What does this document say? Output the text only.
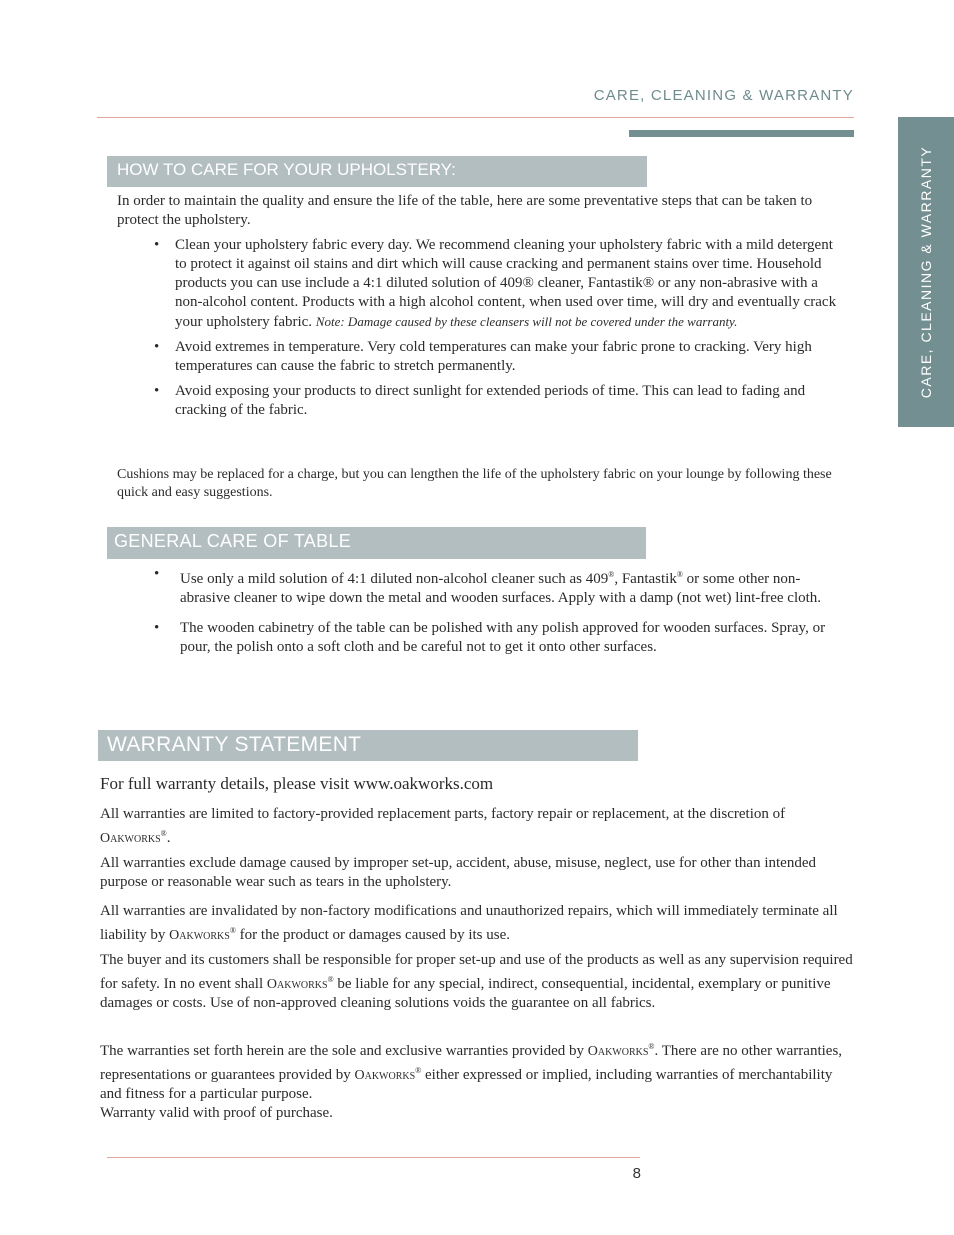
CARE, CLEANING & WARRANTY
CARE, CLEANING & WARRANTY
HOW TO CARE FOR YOUR UPHOLSTERY:

In order to maintain the quality and ensure the life of the table, here are some preventative steps that can be taken to protect the upholstery.

• Clean your upholstery fabric every day. We recommend cleaning your upholstery fabric with a mild detergent to protect it against oil stains and dirt which will cause cracking and permanent stains over time. Household products you can use include a 4:1 diluted solution of 409® cleaner, Fantastik® or any non-abrasive with a non-alcohol content. Products with a high alcohol content, when used over time, will dry and eventually crack your upholstery fabric. Note: Damage caused by these cleansers will not be covered under the warranty.
• Avoid extremes in temperature. Very cold temperatures can make your fabric prone to cracking. Very high temperatures can cause the fabric to stretch permanently.
• Avoid exposing your products to direct sunlight for extended periods of time. This can lead to fading and cracking of the fabric.

Cushions may be replaced for a charge, but you can lengthen the life of the upholstery fabric on your lounge by following these quick and easy suggestions.

GENERAL CARE OF TABLE
• Use only a mild solution of 4:1 diluted non-alcohol cleaner such as 409®, Fantastik® or some other non-abrasive cleaner to wipe down the metal and wooden surfaces. Apply with a damp (not wet) lint-free cloth.
• The wooden cabinetry of the table can be polished with any polish approved for wooden surfaces. Spray, or pour, the polish onto a soft cloth and be careful not to get it onto other surfaces.
WARRANTY STATEMENT

For full warranty details, please visit www.oakworks.com

All warranties are limited to factory-provided replacement parts, factory repair or replacement, at the discretion of Oakworks®.

All warranties exclude damage caused by improper set-up, accident, abuse, misuse, neglect, use for other than intended purpose or reasonable wear such as tears in the upholstery.

All warranties are invalidated by non-factory modifications and unauthorized repairs, which will immediately terminate all liability by Oakworks® for the product or damages caused by its use.

The buyer and its customers shall be responsible for proper set-up and use of the products as well as any supervision required for safety. In no event shall Oakworks® be liable for any special, indirect, consequential, incidental, exemplary or punitive damages or costs. Use of non-approved cleaning solutions voids the guarantee on all fabrics.

The warranties set forth herein are the sole and exclusive warranties provided by Oakworks®. There are no other warranties, representations or guarantees provided by Oakworks® either expressed or implied, including warranties of merchantability and fitness for a particular purpose.

Warranty valid with proof of purchase.

8
